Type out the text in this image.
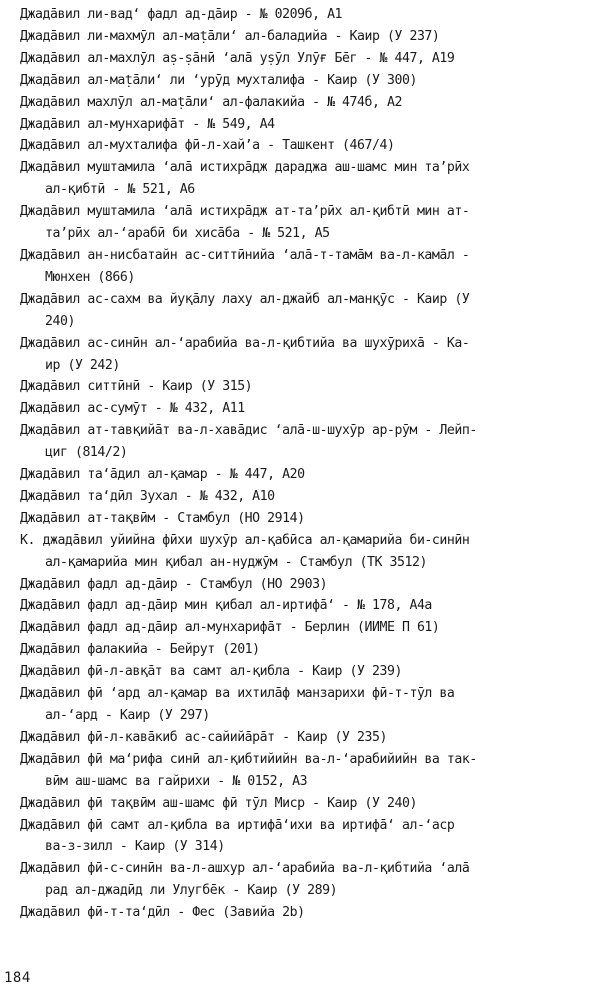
Джадāвил ли-вад‘ фадл ад-дāир - № 0209б, A1
Джадāвил ли-махмӯл ал-маṭāли‘ ал-баладийа - Каир (У 237)
Джадāвил ал-махлӯл аṣ-ṣāнӣ ‘алā уṣӯл Улӯғ Бēг - № 447, A19
Джадāвил ал-маṭāли‘ ли ‘урӯд мухталифа - Каир (У 300)
Джадāвил махлӯл ал-маṭāли‘ ал-фалакийа - № 474б, A2
Джадāвил ал-мунхарифāт - № 549, A4
Джадāвил ал-мухталифа фӣ-л-хай’а - Ташкент (467/4)
Джадāвил муштамила ‘алā истихрāдж дараджа аш-шамс мин та’рӣх
ал-қибтӣ - № 521, A6
Джадāвил муштамила ‘алā истихрāдж ат-та’рӣх ал-қибтӣ мин ат-
та’рӣх ал-‘арабӣ би хисāба - № 521, A5
Джадāвил ан-нисбатайн ас-ситтӣнийа ‘алā-т-тамāм ва-л-камāл -
Мюнхен (866)
Джадāвил ас-сахм ва йуқāлу лаху ал-джайб ал-манқӯс - Каир (У
240)
Джадāвил ас-синӣн ал-‘арабийа ва-л-қибтийа ва шухӯрихā - Ка-
ир (У 242)
Джадāвил ситтӣнӣ - Каир (У 315)
Джадāвил ас-сумӯт - № 432, A11
Джадāвил ат-тавқийāт ва-л-хавāдис ‘алā-ш-шухӯр ар-рӯм - Лейп-
циг (814/2)
Джадāвил та‘āдил ал-қамар - № 447, A20
Джадāвил та‘дӣл Зухал - № 432, A10
Джадāвил ат-тақвӣм - Стамбул (НО 2914)
К. джадāвил уйийна фӣхи шухӯр ал-қабӣса ал-қамарийа би-синӣн
ал-қамарийа мин қибал ан-нуджӯм - Стамбул (ТК 3512)
Джадāвил фадл ад-дāир - Стамбул (НО 2903)
Джадāвил фадл ад-дāир мин қибал ал-иртифā‘ - № 178, A4а
Джадāвил фадл ад-дāир ал-мунхарифāт - Берлин (ИИМЕ П 61)
Джадāвил фалакийа - Бейрут (201)
Джадāвил фӣ-л-авқāт ва самт ал-қибла - Каир (У 239)
Джадāвил фӣ ‘ард ал-қамар ва ихтилāф манзарихи фӣ-т-тӯл ва
ал-‘ард - Каир (У 297)
Джадāвил фӣ-л-кавāкиб ас-сайийāрāт - Каир (У 235)
Джадāвил фӣ ма‘рифа синӣ ал-қибтийийн ва-л-‘арабийийн ва так-
вӣм аш-шамс ва гайрихи - № 0152, A3
Джадāвил фӣ тақвӣм аш-шамс фӣ тӯл Миср - Каир (У 240)
Джадāвил фӣ самт ал-қибла ва иртифā‘ихи ва иртифā‘ ал-‘аср
ва-з-зилл - Каир (У 314)
Джадāвил фӣ-с-синӣн ва-л-ашхур ал-‘арабийа ва-л-қибтийа ‘алā
рад ал-джадӣд ли Улугбēк - Каир (У 289)
Джадāвил фӣ-т-та‘дӣл - Фес (Завийа 2b)
184
